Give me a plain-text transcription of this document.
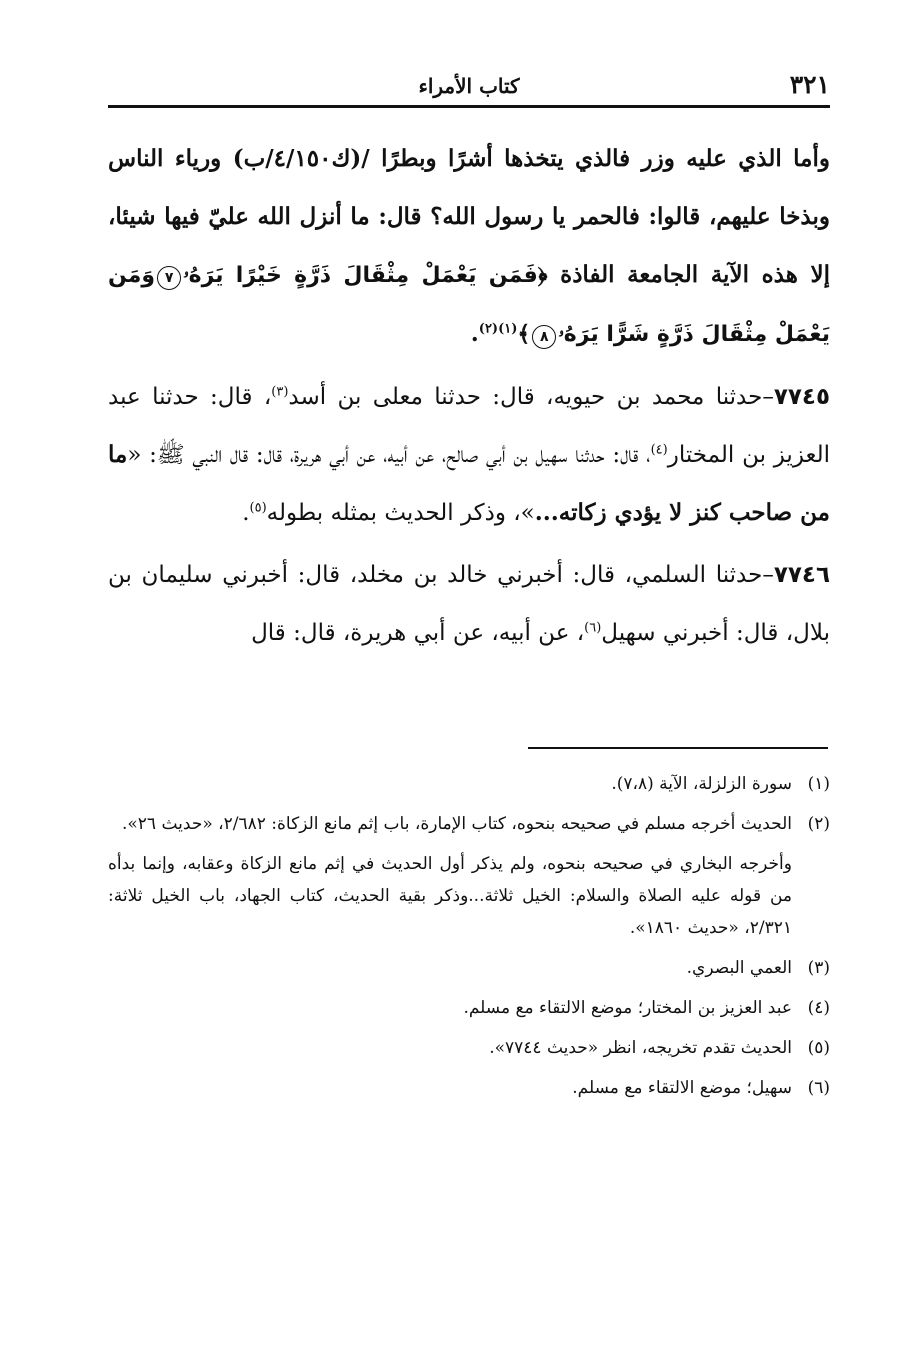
٣٢١
كتاب الأمراء

وأما الذي عليه وزر فالذي يتخذها أشرًا وبطرًا /(ك٤/١٥٠/ب) ورياء الناس وبذخا عليهم، قالوا: فالحمر يا رسول الله؟ قال: ما أنزل الله عليّ فيها شيئا، إلا هذه الآية الجامعة الفاذة ﴿فَمَن يَعْمَلْ مِثْقَالَ ذَرَّةٍ خَيْرًا يَرَهُۥ٧وَمَن يَعْمَلْ مِثْقَالَ ذَرَّةٍ شَرًّا يَرَهُۥ٨﴾$^{(١)(٢)}$.

٧٧٤٥–حدثنا محمد بن حيويه، قال: حدثنا معلى بن أسد$^{(٣)}$، قال: حدثنا عبد العزيز بن المختار$^{(٤)}$، قال: حدثنا سهيل بن أبي صالح، عن أبيه، عن أبي هريرة، قال: قال النبي ﷺ: «ما من صاحب كنز لا يؤدي زكاته...»، وذكر الحديث بمثله بطوله$^{(٥)}$.

٧٧٤٦–حدثنا السلمي، قال: أخبرني خالد بن مخلد، قال: أخبرني سليمان بن بلال، قال: أخبرني سهيل$^{(٦)}$، عن أبيه، عن أبي هريرة، قال: قال

(١)
سورة الزلزلة، الآية (٧،٨).
(٢)
الحديث أخرجه مسلم في صحيحه بنحوه، كتاب الإمارة، باب إثم مانع الزكاة: ٢/٦٨٢، «حديث ٢٦».
وأخرجه البخاري في صحيحه بنحوه، ولم يذكر أول الحديث في إثم مانع الزكاة وعقابه، وإنما بدأه من قوله عليه الصلاة والسلام: الخيل ثلاثة...وذكر بقية الحديث، كتاب الجهاد، باب الخيل ثلاثة: ٢/٣٢١، «حديث ١٨٦٠».
(٣)
العمي البصري.
(٤)
عبد العزيز بن المختار؛ موضع الالتقاء مع مسلم.
(٥)
الحديث تقدم تخريجه، انظر «حديث ٧٧٤٤».
(٦)
سهيل؛ موضع الالتقاء مع مسلم.
